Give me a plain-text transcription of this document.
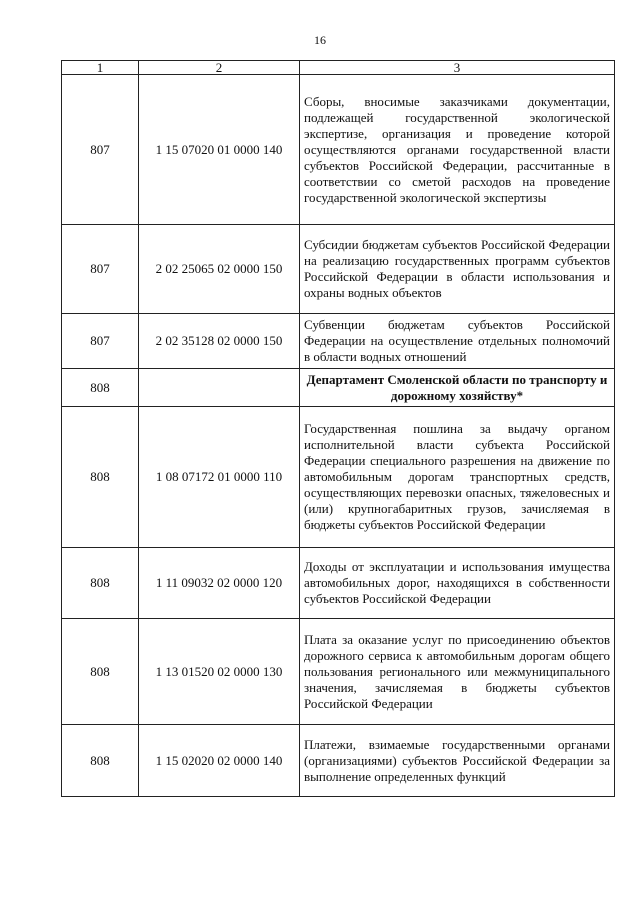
16
1	2	3
807	1 15 07020 01 0000 140	Сборы, вносимые заказчиками документации, подлежащей государственной экологической экспертизе, организация и проведение которой осуществляются органами государственной власти субъектов Российской Федерации, рассчитанные в соответствии со сметой расходов на проведение государственной экологической экспертизы
807	2 02 25065 02 0000 150	Субсидии бюджетам субъектов Российской Федерации на реализацию государственных программ субъектов Российской Федерации в области использования и охраны водных объектов
807	2 02 35128 02 0000 150	Субвенции бюджетам субъектов Российской Федерации на осуществление отдельных полномочий в области водных отношений
808		Департамент Смоленской области по транспорту и дорожному хозяйству*
808	1 08 07172 01 0000 110	Государственная пошлина за выдачу органом исполнительной власти субъекта Российской Федерации специального разрешения на движение по автомобильным дорогам транспортных средств, осуществляющих перевозки опасных, тяжеловесных и (или) крупногабаритных грузов, зачисляемая в бюджеты субъектов Российской Федерации
808	1 11 09032 02 0000 120	Доходы от эксплуатации и использования имущества автомобильных дорог, находящихся в собственности субъектов Российской Федерации
808	1 13 01520 02 0000 130	Плата за оказание услуг по присоединению объектов дорожного сервиса к автомобильным дорогам общего пользования регионального или межмуниципального значения, зачисляемая в бюджеты субъектов Российской Федерации
808	1 15 02020 02 0000 140	Платежи, взимаемые государственными органами (организациями) субъектов Российской Федерации за выполнение определенных функций
